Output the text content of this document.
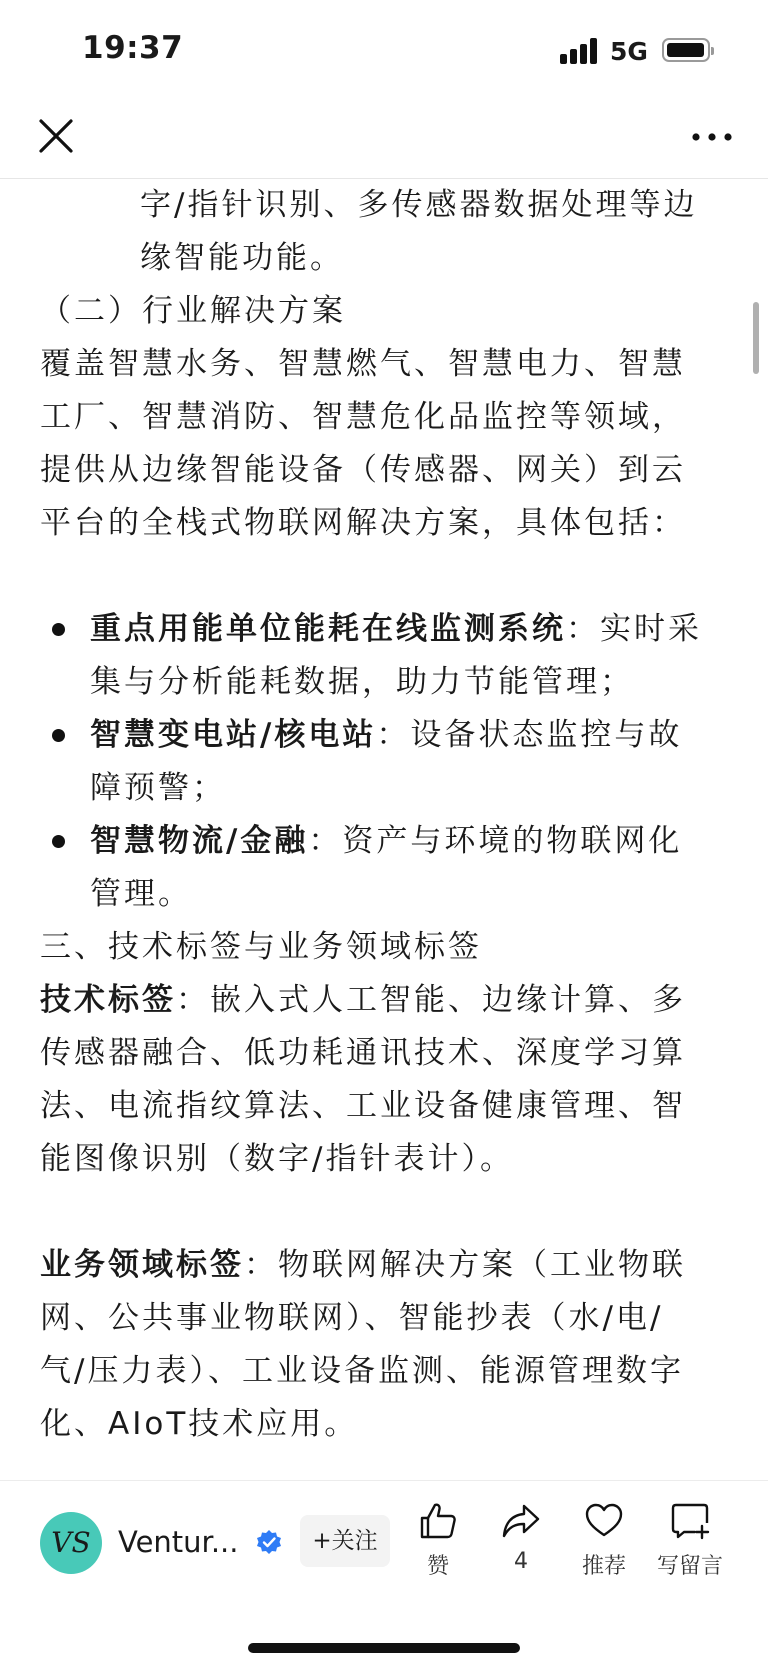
19:37	5G

字/指针识别、多传感器数据处理等边

缘智能功能。

（二）行业解决方案

覆盖智慧水务、智慧燃气、智慧电力、智慧

工厂、智慧消防、智慧危化品监控等领域，

提供从边缘智能设备（传感器、网关）到云

平台的全栈式物联网解决方案，具体包括：

重点用能单位能耗在线监测系统：实时采

集与分析能耗数据，助力节能管理；

智慧变电站/核电站：设备状态监控与故

障预警；

智慧物流/金融：资产与环境的物联网化

管理。

三、技术标签与业务领域标签

技术标签：嵌入式人工智能、边缘计算、多

传感器融合、低功耗通讯技术、深度学习算

法、电流指纹算法、工业设备健康管理、智

能图像识别（数字/指针表计）。

业务领域标签：物联网解决方案（工业物联

网、公共事业物联网）、智能抄表（水/电/

气/压力表）、工业设备监测、能源管理数字

化、AIoT技术应用。

VS Ventur...	+关注
赞	4	推荐	写留言
